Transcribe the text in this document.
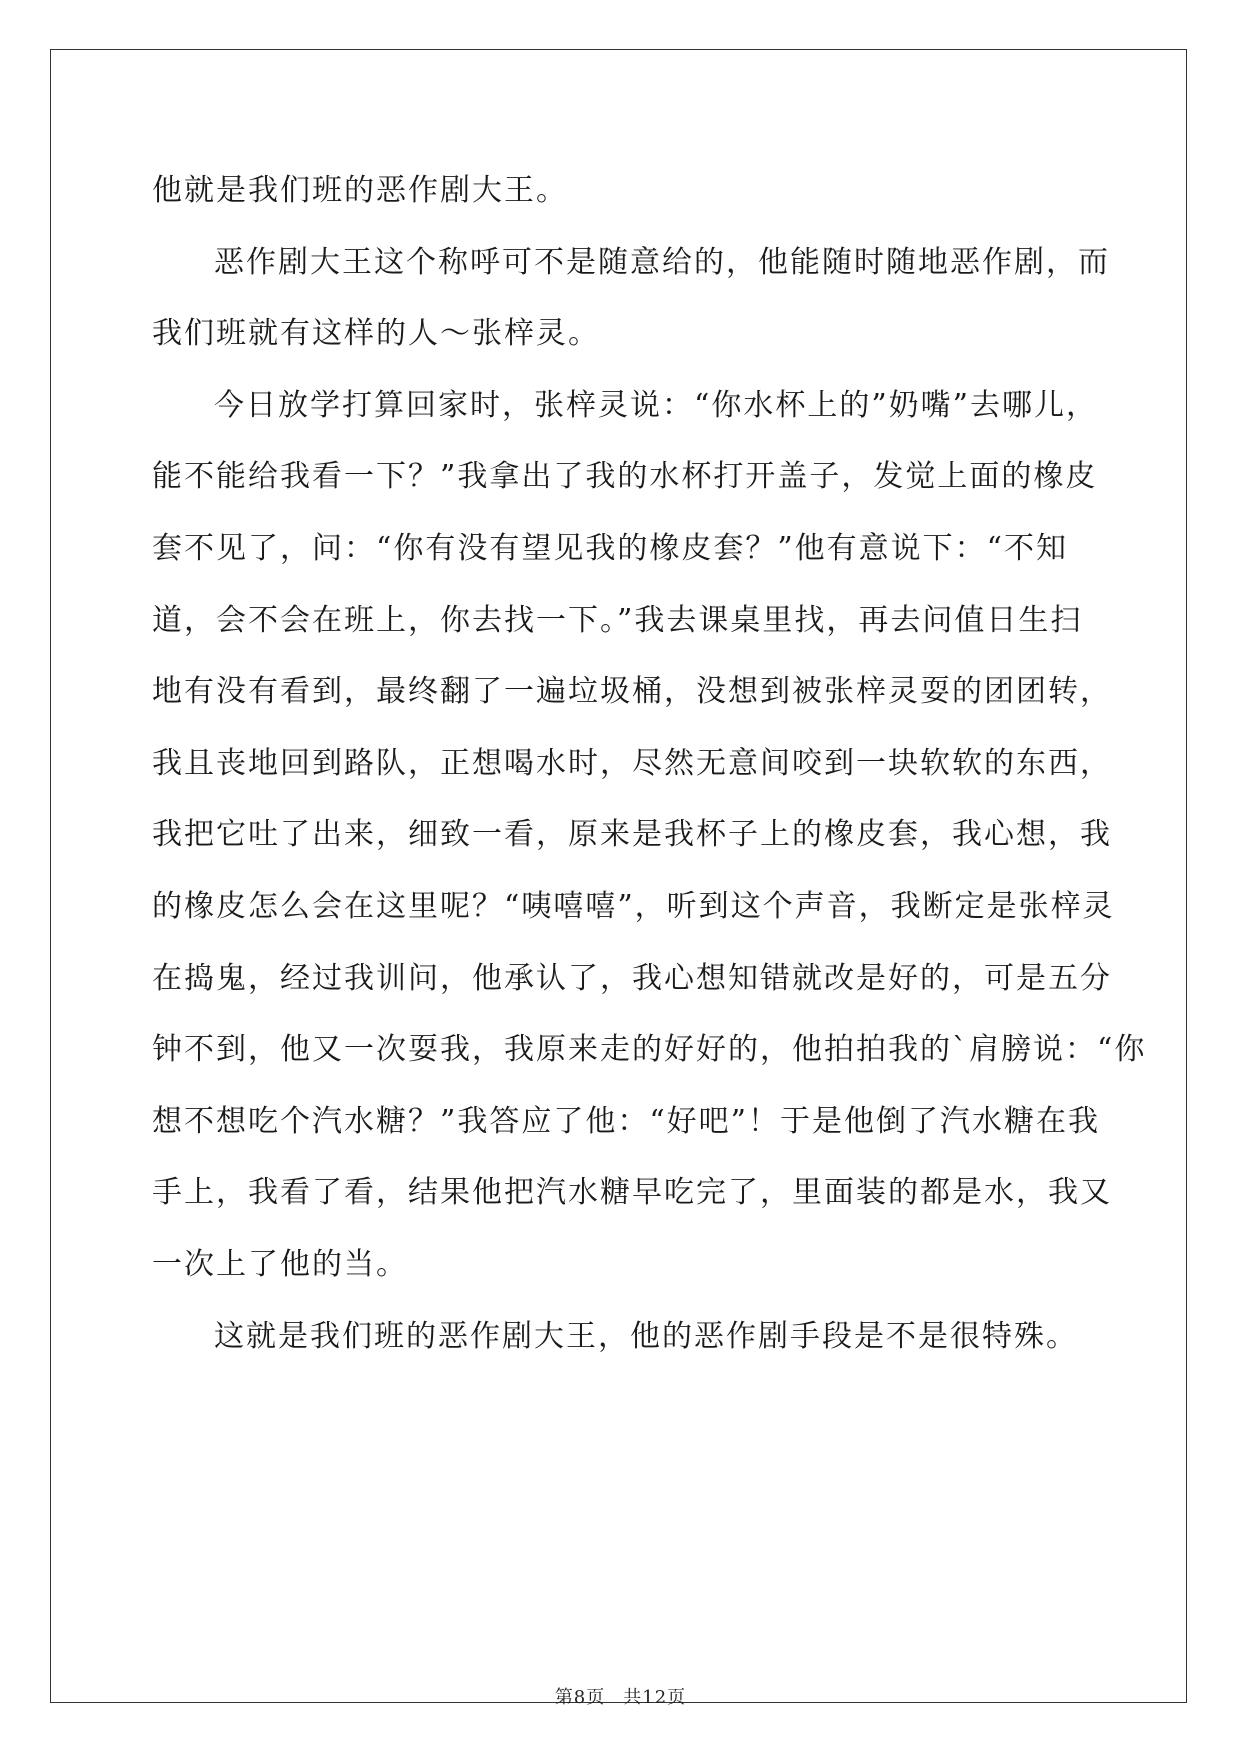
他就是我们班的恶作剧大王。
恶作剧大王这个称呼可不是随意给的，他能随时随地恶作剧，而
我们班就有这样的人～张梓灵。
今日放学打算回家时，张梓灵说：“你水杯上的”奶嘴”去哪儿，
能不能给我看一下？”我拿出了我的水杯打开盖子，发觉上面的橡皮
套不见了，问：“你有没有望见我的橡皮套？”他有意说下：“不知
道，会不会在班上，你去找一下。”我去课桌里找，再去问值日生扫
地有没有看到，最终翻了一遍垃圾桶，没想到被张梓灵耍的团团转，
我且丧地回到路队，正想喝水时，尽然无意间咬到一块软软的东西，
我把它吐了出来，细致一看，原来是我杯子上的橡皮套，我心想，我
的橡皮怎么会在这里呢？“咦嘻嘻”，听到这个声音，我断定是张梓灵
在捣鬼，经过我训问，他承认了，我心想知错就改是好的，可是五分
钟不到，他又一次耍我，我原来走的好好的，他拍拍我的`肩膀说：“你
想不想吃个汽水糖？”我答应了他：“好吧”！于是他倒了汽水糖在我
手上，我看了看，结果他把汽水糖早吃完了，里面装的都是水，我又
一次上了他的当。
这就是我们班的恶作剧大王，他的恶作剧手段是不是很特殊。
第8页 共12页
